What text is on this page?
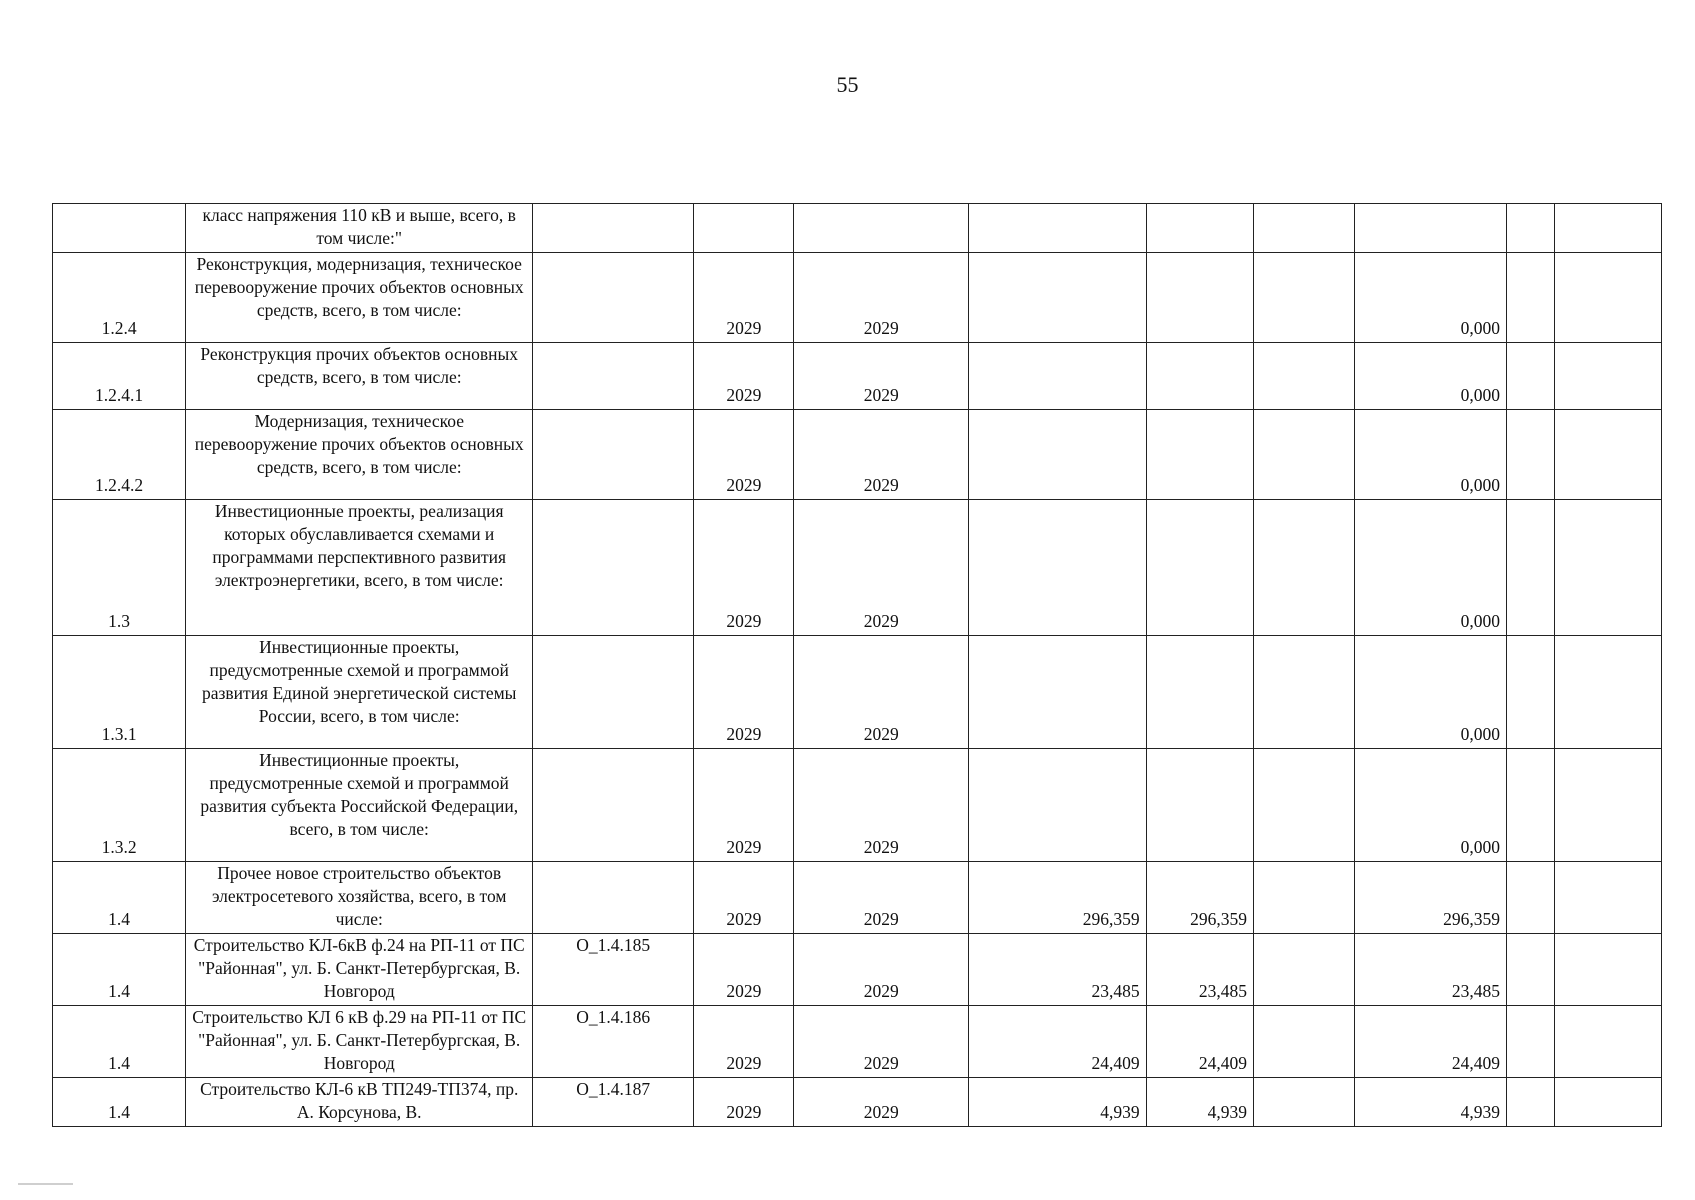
55
	класс напряжения 110 кВ и выше, всего, в том числе:"									
1.2.4	Реконструкция, модернизация, техническое перевооружение прочих объектов основных средств, всего, в том числе:		2029	2029				0,000		
1.2.4.1	Реконструкция прочих объектов основных средств, всего, в том числе:		2029	2029				0,000		
1.2.4.2	Модернизация, техническое перевооружение прочих объектов основных средств, всего, в том числе:		2029	2029				0,000		
1.3	Инвестиционные проекты, реализация которых обуславливается схемами и программами перспективного развития электроэнергетики, всего, в том числе:		2029	2029				0,000		
1.3.1	Инвестиционные проекты, предусмотренные схемой и программой развития Единой энергетической системы России, всего, в том числе:		2029	2029				0,000		
1.3.2	Инвестиционные проекты, предусмотренные схемой и программой развития субъекта Российской Федерации, всего, в том числе:		2029	2029				0,000		
1.4	Прочее новое строительство объектов электросетевого хозяйства, всего, в том числе:		2029	2029	296,359	296,359		296,359		
1.4	Строительство КЛ-6кВ ф.24 на РП-11 от ПС "Районная", ул. Б. Санкт-Петербургская, В. Новгород	О_1.4.185	2029	2029	23,485	23,485		23,485		
1.4	Строительство КЛ 6 кВ ф.29 на РП-11 от ПС "Районная", ул. Б. Санкт-Петербургская, В. Новгород	О_1.4.186	2029	2029	24,409	24,409		24,409		
1.4	Строительство КЛ-6 кВ ТП249-ТП374, пр. А. Корсунова, В.	О_1.4.187	2029	2029	4,939	4,939		4,939		
